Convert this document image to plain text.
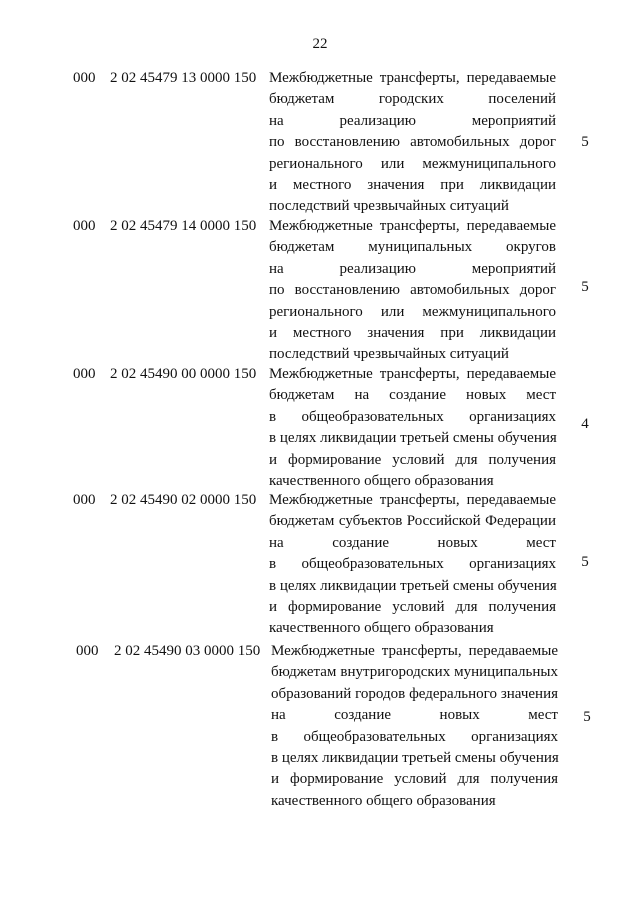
22
000 2 02 45479 13 0000 150 Межбюджетные трансферты, передаваемые
бюджетам городских поселений
на реализацию мероприятий
по восстановлению автомобильных дорог
регионального или межмуниципального
и местного значения при ликвидации
последствий чрезвычайных ситуаций
5
000 2 02 45479 14 0000 150 Межбюджетные трансферты, передаваемые
бюджетам муниципальных округов
на реализацию мероприятий
по восстановлению автомобильных дорог
регионального или межмуниципального
и местного значения при ликвидации
последствий чрезвычайных ситуаций
5
000 2 02 45490 00 0000 150 Межбюджетные трансферты, передаваемые
бюджетам на создание новых мест
в общеобразовательных организациях
в целях ликвидации третьей смены обучения
и формирование условий для получения
качественного общего образования
4
000 2 02 45490 02 0000 150 Межбюджетные трансферты, передаваемые
бюджетам субъектов Российской Федерации
на создание новых мест
в общеобразовательных организациях
в целях ликвидации третьей смены обучения
и формирование условий для получения
качественного общего образования
5
000 2 02 45490 03 0000 150 Межбюджетные трансферты, передаваемые
бюджетам внутригородских муниципальных
образований городов федерального значения
на создание новых мест
в общеобразовательных организациях
в целях ликвидации третьей смены обучения
и формирование условий для получения
качественного общего образования
5
